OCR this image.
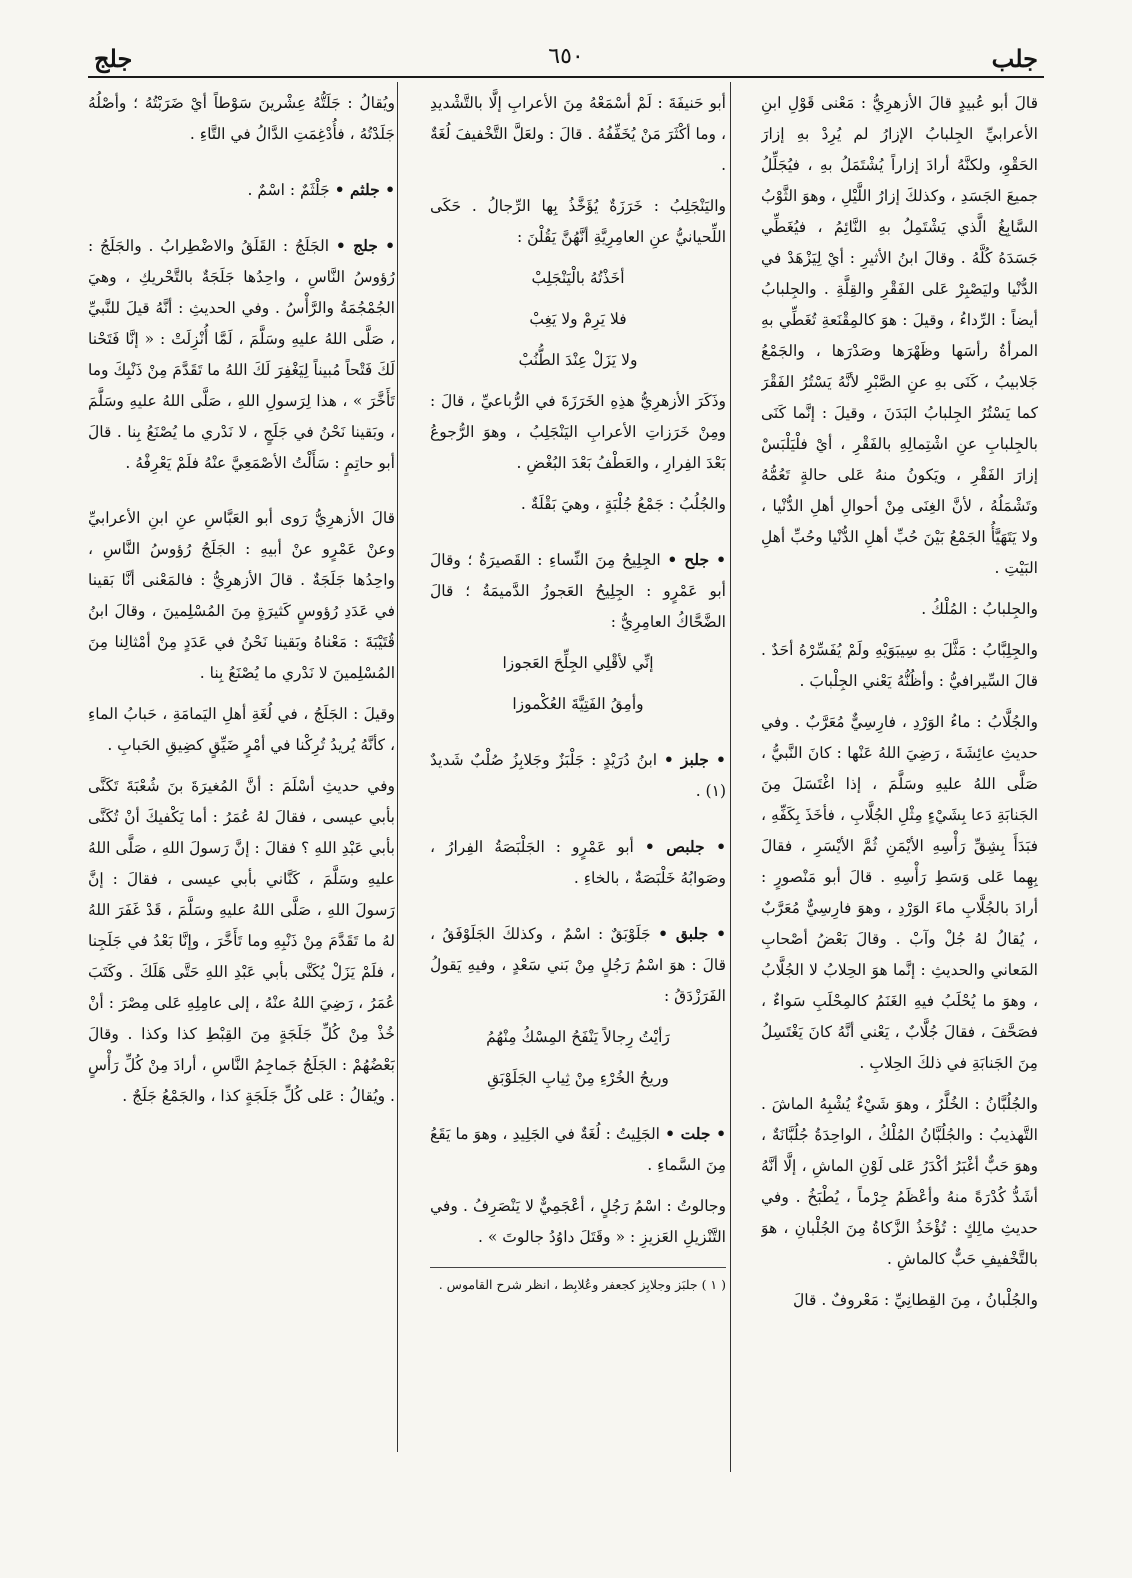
جلب
٦٥٠
جلج

قالَ أبو عُبيدٍ قالَ الأزهرِيُّ : مَعْنى قَوْلِ ابنِ الأعرابيِّ الجِلبابُ الإزارُ لم يُرِدْ بهِ إزارَ الحَقْوِ، ولكنَّهُ أرادَ إزاراً يُشْتَمَلُ بهِ ، فيُجَلِّلُ جميعَ الجَسَدِ ، وكذلكَ إزارُ اللَّيْلِ ، وهوَ الثَّوْبُ السَّابِغُ الَّذي يَشْتَمِلُ بهِ النَّائِمُ ، فيُغَطِّي جَسَدَهُ كُلَّهُ . وقالَ ابنُ الأثيرِ : أيْ لِيَزْهَدْ في الدُّنْيا وليَصْبِرْ عَلى الفَقْرِ والقِلَّةِ . والجِلبابُ أيضاً : الرِّداءُ ، وقيلَ : هوَ كالمِقْنَعةِ تُغَطِّي بهِ المرأةُ رأسَها وظَهْرَها وصَدْرَها ، والجَمْعُ جَلابيبُ ، كَنَى بهِ عنِ الصَّبْرِ لأنَّهُ يَسْتُرُ الفَقْرَ كما يَسْتُرُ الجِلبابُ البَدَنَ ، وقيلَ : إنَّما كَنَى بالجِلبابِ عنِ اشْتِمالِهِ بالفَقْرِ ، أيْ فلْيَلْبَسْ إزارَ الفَقْرِ ، ويَكونُ منهُ عَلى حالةٍ تَعُمُّهُ وتَشْمَلُهُ ، لأنَّ الغِنَى مِنْ أحوالِ أهلِ الدُّنْيا ، ولا يَتَهَيَّأُ الجَمْعُ بَيْنَ حُبِّ أهلِ الدُّنْيا وحُبِّ أهلِ البَيْتِ .

والجِلبابُ : المُلْكُ .

والجِلِبَّابُ : مَثَّلَ بهِ سِيبَوَيْهِ ولَمْ يُفَسِّرْهُ أحَدٌ . قالَ السِّيرافيُّ : وأظُنُّهُ يَعْني الجِلْبابَ .

والجُلَّابُ : ماءُ الوَرْدِ ، فارِسِيٌّ مُعَرَّبٌ . وفي حديثِ عائِشَةَ ، رَضِيَ اللهُ عَنْها : كانَ النَّبيُّ ، صَلَّى اللهُ عليهِ وسَلَّمَ ، إذا اغْتَسَلَ مِنَ الجَنابَةِ دَعا بِشَيْءٍ مِثْلِ الجُلَّابِ ، فأخَذَ بِكَفِّهِ ، فبَدَأَ بِشِقِّ رَأْسِهِ الأيْمَنِ ثُمَّ الأيْسَرِ ، فقالَ بِهِما عَلى وَسَطِ رَأْسِهِ . قالَ أبو مَنْصورٍ : أرادَ بالجُلَّابِ ماءَ الوَرْدِ ، وهوَ فارِسِيٌّ مُعَرَّبٌ ، يُقالُ لهُ جُلْ وآبْ . وقالَ بَعْضُ أصْحابِ المَعاني والحديثِ : إنَّما هوَ الحِلابُ لا الجُلَّابُ ، وهوَ ما يُحْلَبُ فيهِ الغَنَمُ كالمِحْلَبِ سَواءٌ ، فصَحَّفَ ، فقالَ جُلَّابٌ ، يَعْني أنَّهُ كانَ يَغْتَسِلُ مِنَ الجَنابَةِ في ذلكَ الحِلابِ .

والجُلُبَّانُ : الخُلَّرُ ، وهوَ شَيْءٌ يُشْبِهُ الماشَ . التَّهذيبُ : والجُلُبَّانُ المُلْكُ ، الواحِدَةُ جُلُبَّانَةٌ ، وهوَ حَبٌّ أغْبَرُ أكْدَرُ عَلى لَوْنِ الماشِ ، إلَّا أنَّهُ أشَدُّ كُدْرَةً منهُ وأعْظَمُ جِرْماً ، يُطْبَخُ . وفي حديثِ مالِكٍ : تُؤْخَذُ الزَّكاةُ مِنَ الجُلْبانِ ، هوَ بالتَّخْفيفِ حَبٌّ كالماشِ .

والجُلْبانُ ، مِنَ القِطانِيِّ : مَعْروفٌ . قالَ

أبو حَنيفَةَ : لَمْ أسْمَعْهُ مِنَ الأعرابِ إلَّا بالتَّشْديدِ ، وما أكْثَرَ مَنْ يُخَفِّفُهُ . قالَ : ولعَلَّ التَّخْفيفَ لُغَةٌ .

واليَنْجَلِبُ : خَرَزَةٌ يُؤَخَّذُ بِها الرِّجالُ . حَكَى اللِّحيانيُّ عنِ العامِرِيَّةِ أنَّهُنَّ يَقُلْنَ :

أخَذْتُهُ بالْيَنْجَلِبْ

فلا يَرِمْ ولا يَغِبْ

ولا يَزَلْ عِنْدَ الطُّنُبْ

وذَكَرَ الأزهرِيُّ هذِهِ الخَرَزَةَ في الرُّباعيِّ ، قالَ : ومِنْ خَرَزاتِ الأعرابِ اليَنْجَلِبُ ، وهوَ الرُّجوعُ بَعْدَ الفِرارِ ، والعَطْفُ بَعْدَ البُغْضِ .

والجُلُبُ : جَمْعُ جُلْبَةٍ ، وهيَ بَقْلَةٌ .

• جلح • الجِلِيحُ مِنَ النِّساءِ : القَصيرَةُ ؛ وقالَ أبو عَمْرٍو : الجِلِيحُ العَجوزُ الدَّميمَةُ ؛ قالَ الضَّحَّاكُ العامِرِيُّ :

إنِّي لأقْلِي الجِلِّحَ العَجوزا

وأمِقُ الفَتِيَّةَ العُكْموزا

• جلبز • ابنُ دُرَيْدٍ : جَلْبَزٌ وجَلابِزُ صُلْبٌ شَديدٌ (١) .

• جلبص • أبو عَمْرٍو : الجَلْبَصَةُ الفِرارُ ، وصَوابُهُ خَلْبَصَةٌ ، بالخاءِ .

• جلبق • جَلَوْبَقٌ : اسْمٌ ، وكذلكَ الجَلَوْفَقُ ، قالَ : هوَ اسْمُ رَجُلٍ مِنْ بَني سَعْدٍ ، وفيهِ يَقولُ الفَرَزْدَقُ :

رَأيْتُ رِجالاً يَنْفَحُ المِسْكُ مِنْهُمُ

وريحُ الخُرْءِ مِنْ ثِيابِ الجَلَوْبَقِ

• جلت • الجَلِيتُ : لُغَةٌ في الجَلِيدِ ، وهوَ ما يَقَعُ مِنَ السَّماءِ .

وجالوتُ : اسْمُ رَجُلٍ ، أعْجَمِيٌّ لا يَنْصَرِفُ . وفي التَّنْزيلِ العَزيزِ : « وقَتَلَ داوُدُ جالوتَ » .

( ١ ) جلبَز وجلابِز كجعفر وعُلابِط ، انظر شرح القاموس .

ويُقالُ : جَلَتُّهُ عِشْرينَ سَوْطاً أيْ ضَرَبْتُهُ ؛ وأصْلُهُ جَلَدْتُهُ ، فأُدْغِمَتِ الدَّالُ في التَّاءِ .

• جلثم • جَلْثَمٌ : اسْمٌ .

• جلج • الجَلَجُ : القَلَقُ والاضْطِرابُ . والجَلَجُ : رُؤوسُ النَّاسِ ، واحِدُها جَلَجَةٌ بالتَّحْريكِ ، وهيَ الجُمْجُمَةُ والرَّأْسُ . وفي الحديثِ : أنَّهُ قيلَ للنَّبيِّ ، صَلَّى اللهُ عليهِ وسَلَّمَ ، لَمَّا أُنْزِلَتْ : « إنَّا فَتَحْنا لَكَ فَتْحاً مُبيناً لِيَغْفِرَ لَكَ اللهُ ما تَقَدَّمَ مِنْ ذَنْبِكَ وما تَأَخَّرَ » ، هذا لِرَسولِ اللهِ ، صَلَّى اللهُ عليهِ وسَلَّمَ ، وبَقينا نَحْنُ في جَلَجٍ ، لا نَدْري ما يُصْنَعُ بِنا . قالَ أبو حاتِمٍ : سَأَلْتُ الأصْمَعِيَّ عنْهُ فلَمْ يَعْرِفْهُ .

قالَ الأزهرِيُّ رَوى أبو العَبَّاسِ عنِ ابنِ الأعرابيِّ وعنْ عَمْرٍو عنْ أبيهِ : الجَلَجُ رُؤوسُ النَّاسِ ، واحِدُها جَلَجَةٌ . قالَ الأزهرِيُّ : فالمَعْنى أنَّا بَقينا في عَدَدِ رُؤوسٍ كَثيرَةٍ مِنَ المُسْلِمينَ ، وقالَ ابنُ قُتَيْبَةَ : مَعْناهُ وبَقينا نَحْنُ في عَدَدٍ مِنْ أمْثالِنا مِنَ المُسْلِمينَ لا نَدْري ما يُصْنَعُ بِنا .

وقيلَ : الجَلَجُ ، في لُغَةِ أهلِ اليَمامَةِ ، حَبابُ الماءِ ، كأنَّهُ يُريدُ تُرِكْنا في أمْرٍ ضَيِّقٍ كضِيقِ الحَبابِ .

وفي حديثِ أسْلَمَ : أنَّ المُغيرَةَ بنَ شُعْبَةَ تَكَنَّى بأبي عيسى ، فقالَ لهُ عُمَرُ : أما يَكْفيكَ أنْ تُكَنَّى بأبي عَبْدِ اللهِ ؟ فقالَ : إنَّ رَسولَ اللهِ ، صَلَّى اللهُ عليهِ وسَلَّمَ ، كَنَّاني بأبي عيسى ، فقالَ : إنَّ رَسولَ اللهِ ، صَلَّى اللهُ عليهِ وسَلَّمَ ، قَدْ غَفَرَ اللهُ لهُ ما تَقَدَّمَ مِنْ ذَنْبِهِ وما تَأَخَّرَ ، وإنَّا بَعْدُ في جَلَجِنا ، فلَمْ يَزَلْ يُكَنَّى بأبي عَبْدِ اللهِ حَتَّى هَلَكَ . وكَتَبَ عُمَرُ ، رَضِيَ اللهُ عنْهُ ، إلى عامِلِهِ عَلى مِصْرَ : أنْ خُذْ مِنْ كُلِّ جَلَجَةٍ مِنَ القِبْطِ كذا وكذا . وقالَ بَعْضُهُمْ : الجَلَجُ جَماجِمُ النَّاسِ ، أرادَ مِنْ كُلِّ رَأْسٍ . ويُقالُ : عَلى كُلِّ جَلَجَةٍ كذا ، والجَمْعُ جَلَجٌ .
